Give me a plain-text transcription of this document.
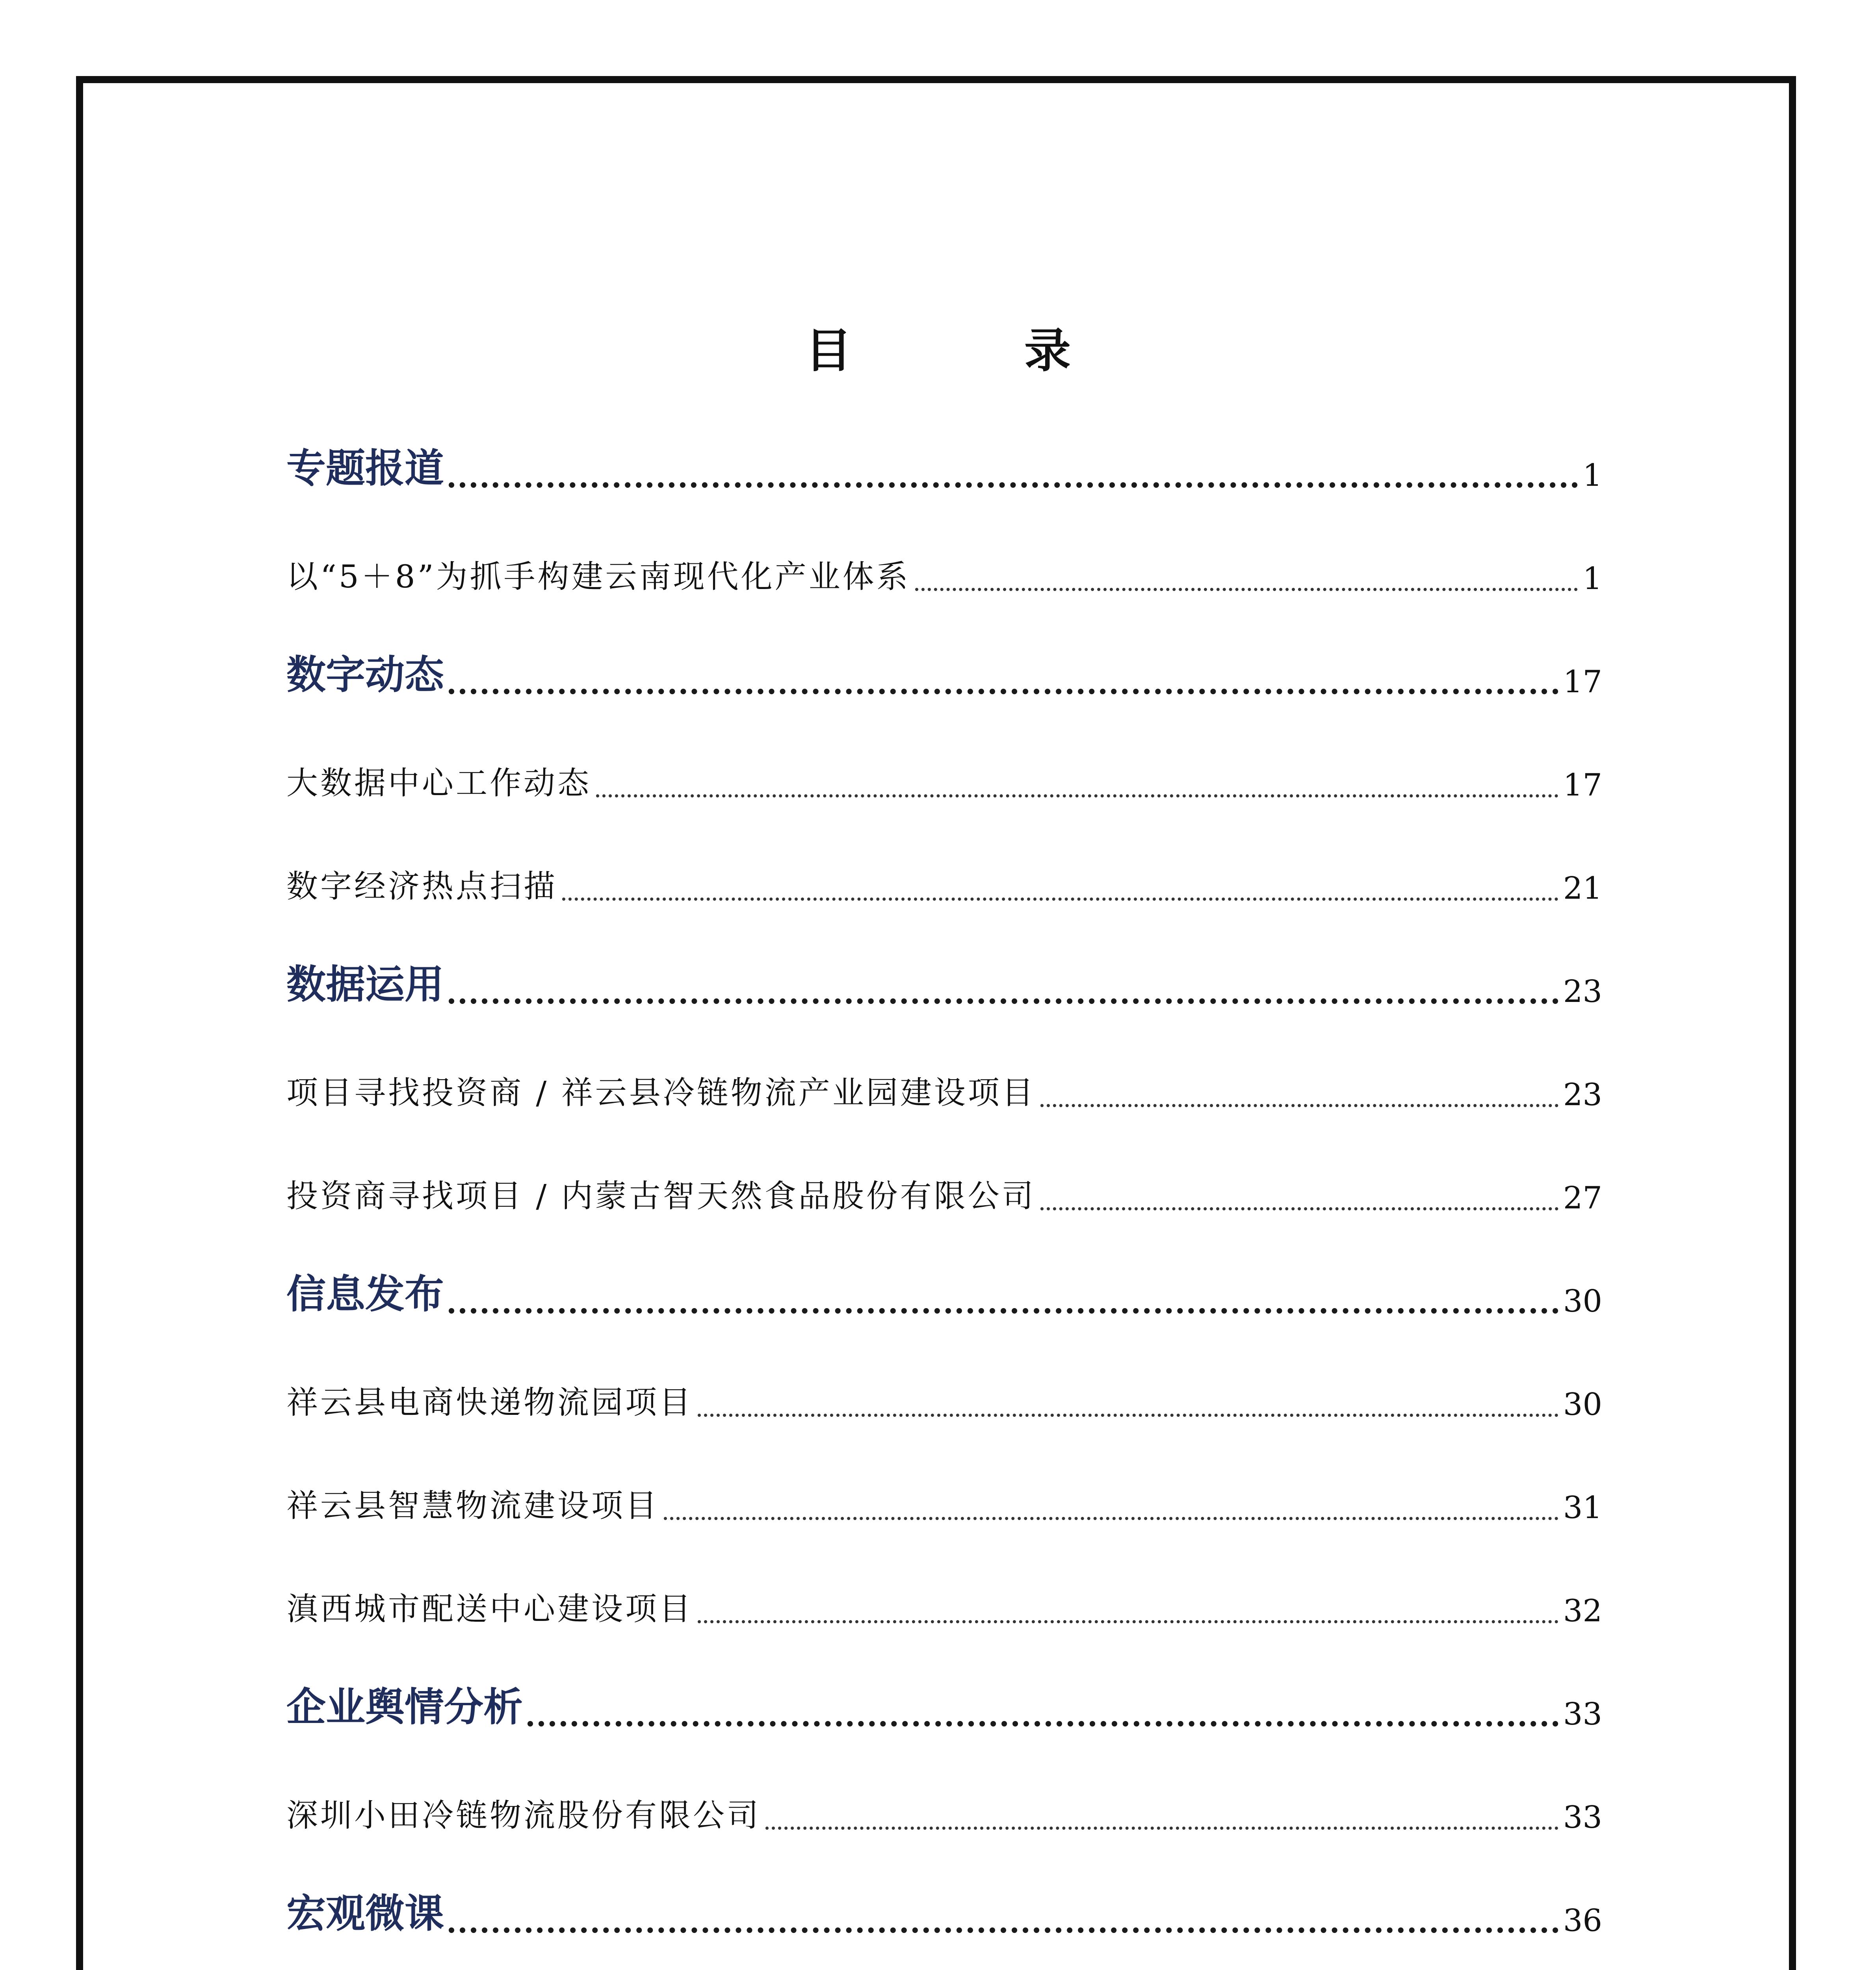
目　录
专题报道	1
以“5＋8”为抓手构建云南现代化产业体系	1
数字动态	17
大数据中心工作动态	17
数字经济热点扫描	21
数据运用	23
项目寻找投资商 / 祥云县冷链物流产业园建设项目	23
投资商寻找项目 / 内蒙古智天然食品股份有限公司	27
信息发布	30
祥云县电商快递物流园项目	30
祥云县智慧物流建设项目	31
滇西城市配送中心建设项目	32
企业舆情分析	33
深圳小田冷链物流股份有限公司	33
宏观微课	36
